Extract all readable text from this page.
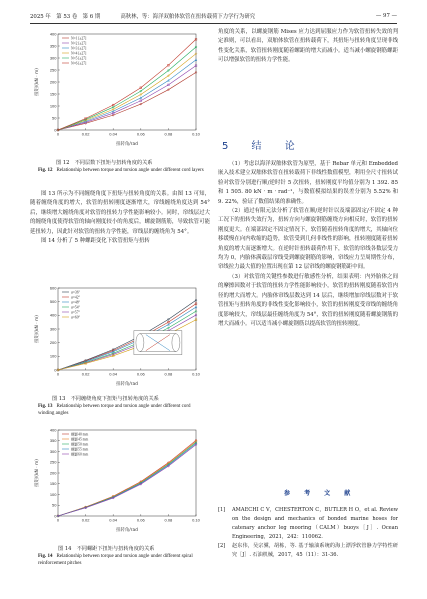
2025 年　第 53 卷　第 6 期	高秋林，等： 海洋双舶体软管在扭转载荷下力学行为研究	— 97 —
0
50
100
150
200
250
300
350
400
0	0.02	0.04	0.06	0.08	0.10
扭转角/rad
扭矩/(kN · m)
N=1 [±27]
N=2 [±27]
N=3 [±27]
N=4 [±27]
N=5 [±27]
N=6 [±27]
图 12　不同层数下扭矩与扭转角度的关系
Fig. 12 Relationship between torque and torsion angle under different cord layers

图 13 所示为不同缠绕角度下扭矩与扭转角度的关系。由图 13 可知，随着缠绕角度的增大，软管的扭转刚度逐渐增大，帘线缠绕角度达到 54°后，继续增大缠绕角度对软管的扭转力学性能影响较小。同时，帘线层过大的缠绕角度使得软管的轴向刚度较小的角度后，螺旋钢筋筋，导致软管可能延扭转力，因此针对软管的扭转力学性能，帘线层的缠绕角为 54°。

图 14 分析了 5 种螺距变化下软管扭矩与扭转

0
100
200
300
400
500
600
0	0.02	0.04	0.06	0.08	0.10
扭转角/rad
扭矩/(kN · m)
α=36°
α=42°
α=48°
α=54°
α=57°
α=60°
图 13　不同缠绕角度下扭矩与扭转角度的关系
Fig. 13 Relationship between torque and torsion angle under different cord winding angles
0
50
100
150
200
250
300
350
400
0	0.02	0.04	0.06	0.08	0.10
扭转角/rad
扭矩/(kN · m)
螺距40 mm
螺距45 mm
螺距50 mm
螺距55 mm
螺距60 mm
图 14　不同螺距下扭矩与扭转角度的关系
Fig. 14 Relationship between torque and torsion angle under different spiral reinforcement pitches

角度的关系，以螺旋钢筋 Mises 应力达到屈服应力作为软管扭转失效的判定准则，可以看出，双舶体软管在扭转载荷下，其扭矩与扭转角度呈现非线性变化关系，软管扭转刚度随着螺距的增大而减小。适当减小螺旋钢筋螺距可以增强软管的扭转力学性能。

5 结 论

（1）考虑以海洋双舶体软管为原型，基于 Rebar 单元和 Embedded 嵌入技术建立双舶体软管在扭转载荷下非线性数值模型，利用全尺寸扭转试验对软管分别进行顺/逆时针 5 次扭转，扭转刚度平均值分别为 1 392. 85 和 1 505. 80 kN · m · rad⁻¹，与数值模拟结果的误差分别为 5.52% 和 9. 22%，验证了数值结果的准确性。

（2）通过有限元法分析了软管在顺/逆时针以及端部固定/不固定 4 种工况下的扭转失效行为，扭转方向与螺旋钢筋缠绕方向相反时，软管的扭转刚度更大。在端部固定不固定情况下，软管随着扭转角度的增大，其轴向位移缓慢在向内收缩的趋势，软管受到几何非线性的影响，扭转刚度随着扭转角度的增大而逐渐增大。在逆时针扭转载荷作用下，软管的帘线各数层受力均为 0，内胎体满载层帘线受到螺旋钢筋的影响，帘线应力呈周期性分布，帘线拉力最大值的位置出现在第 12 层帘线的螺旋钢筋距中间。

（3）对软管的关键性参数进行敏感性分析，结果表明：内外胎体之间的摩擦因数对于软管的扭转力学性能影响较小，软管的扭转刚度随着软管内径的增大而增大。内胎体帘线层数达到 14 层后，继续增加帘线层数对于软管扭矩与扭转角度的非线性变化影响较小，软管的扭转刚度受帘线的缠绕角度影响较大，帘线层最佳缠绕角度为 54°，软管的扭转刚度随着螺旋钢筋的增大而减小。可以适当减小螺旋钢筋以提高软管的扭转刚度。

参 考 文 献
[1]	AMAECHI C V，CHESTERTON C，BUTLER H O，et al. Review on the design and mechanics of bonded marine hoses for catenary anchor leg mooring（CALM）buoys［J］. Ocean Engineering，2021，242：110062.
[2]	赵东伟，吴宗骥，胡栋，等. 基于输油系统的海上漂浮软管静力学特性研究［J］. 石油机械，2017，45（11）：31-36.
